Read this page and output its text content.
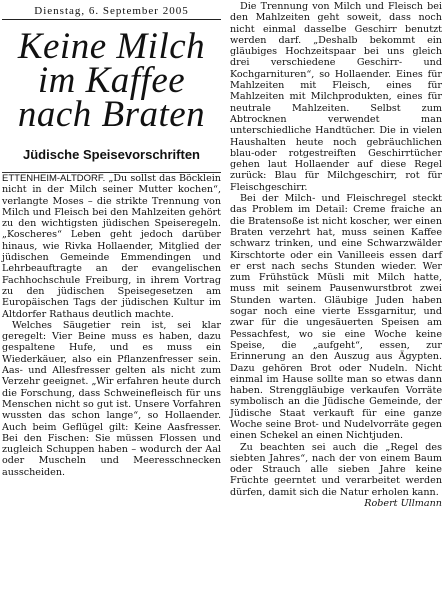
Dienstag, 6. September 2005
Keine Milch
im Kaffee
nach Braten
Jüdische Speisevorschriften

ETTENHEIM-ALTDORF. „Du sollst das Böcklein nicht in der Milch seiner Mutter kochen“, verlangte Moses – die strikte Trennung von Milch und Fleisch bei den Mahlzeiten gehört zu den wichtigsten jüdischen Speiseregeln. „Koscheres“ Leben geht jedoch darüber hinaus, wie Rivka Hollaender, Mitglied der jüdischen Gemeinde Emmendingen und Lehrbeauftragte an der evangelischen Fachhochschule Freiburg, in ihrem Vortrag zu den jüdischen Speisegesetzen am Europäischen Tags der jüdischen Kultur im Altdorfer Rathaus deutlich machte.

Welches Säugetier rein ist, sei klar geregelt: Vier Beine muss es haben, dazu gespaltene Hufe, und es muss ein Wiederkäuer, also ein Pflanzenfresser sein. Aas- und Allesfresser gelten als nicht zum Verzehr geeignet. „Wir erfahren heute durch die Forschung, dass Schweinefleisch für uns Menschen nicht so gut ist. Unsere Vorfahren wussten das schon lange“, so Hollaender. Auch beim Geflügel gilt: Keine Aasfresser. Bei den Fischen: Sie müssen Flossen und zugleich Schuppen haben – wodurch der Aal oder Muscheln und Meeresschnecken ausscheiden.

Die Trennung von Milch und Fleisch bei den Mahlzeiten geht soweit, dass noch nicht einmal dasselbe Geschirr benutzt werden darf. „Deshalb bekommt ein gläubiges Hochzeitspaar bei uns gleich drei verschiedene Geschirr- und Kochgarnituren“, so Hollaender. Eines für Mahlzeiten mit Fleisch, eines für Mahlzeiten mit Milchprodukten, eines für neutrale Mahlzeiten. Selbst zum Abtrocknen verwendet man unterschiedliche Handtücher. Die in vielen Haushalten heute noch gebräuchlichen blau-oder rotgestreiften Geschirrtücher gehen laut Hollaender auf diese Regel zurück: Blau für Milchgeschirr, rot für Fleischgeschirr.

Bei der Milch- und Fleischregel steckt das Problem im Detail: Creme fraiche an die Bratensoße ist nicht koscher, wer einen Braten verzehrt hat, muss seinen Kaffee schwarz trinken, und eine Schwarzwälder Kirschtorte oder ein Vanilleeis essen darf er erst nach sechs Stunden wieder. Wer zum Frühstück Müsli mit Milch hatte, muss mit seinem Pausenwurstbrot zwei Stunden warten. Gläubige Juden haben sogar noch eine vierte Essgarnitur, und zwar für die ungesäuerten Speisen am Pessachfest, wo sie eine Woche keine Speise, die „aufgeht“, essen, zur Erinnerung an den Auszug aus Ägypten. Dazu gehören Brot oder Nudeln. Nicht einmal im Hause sollte man so etwas dann haben. Strenggläubige verkaufen Vorräte symbolisch an die Jüdische Gemeinde, der Jüdische Staat verkauft für eine ganze Woche seine Brot- und Nudelvorräte gegen einen Schekel an einen Nichtjuden.

Zu beachten sei auch die „Regel des siebten Jahres“, nach der von einem Baum oder Strauch alle sieben Jahre keine Früchte geerntet und verarbeitet werden dürfen, damit sich die Natur erholen kann.

Robert Ullmann
